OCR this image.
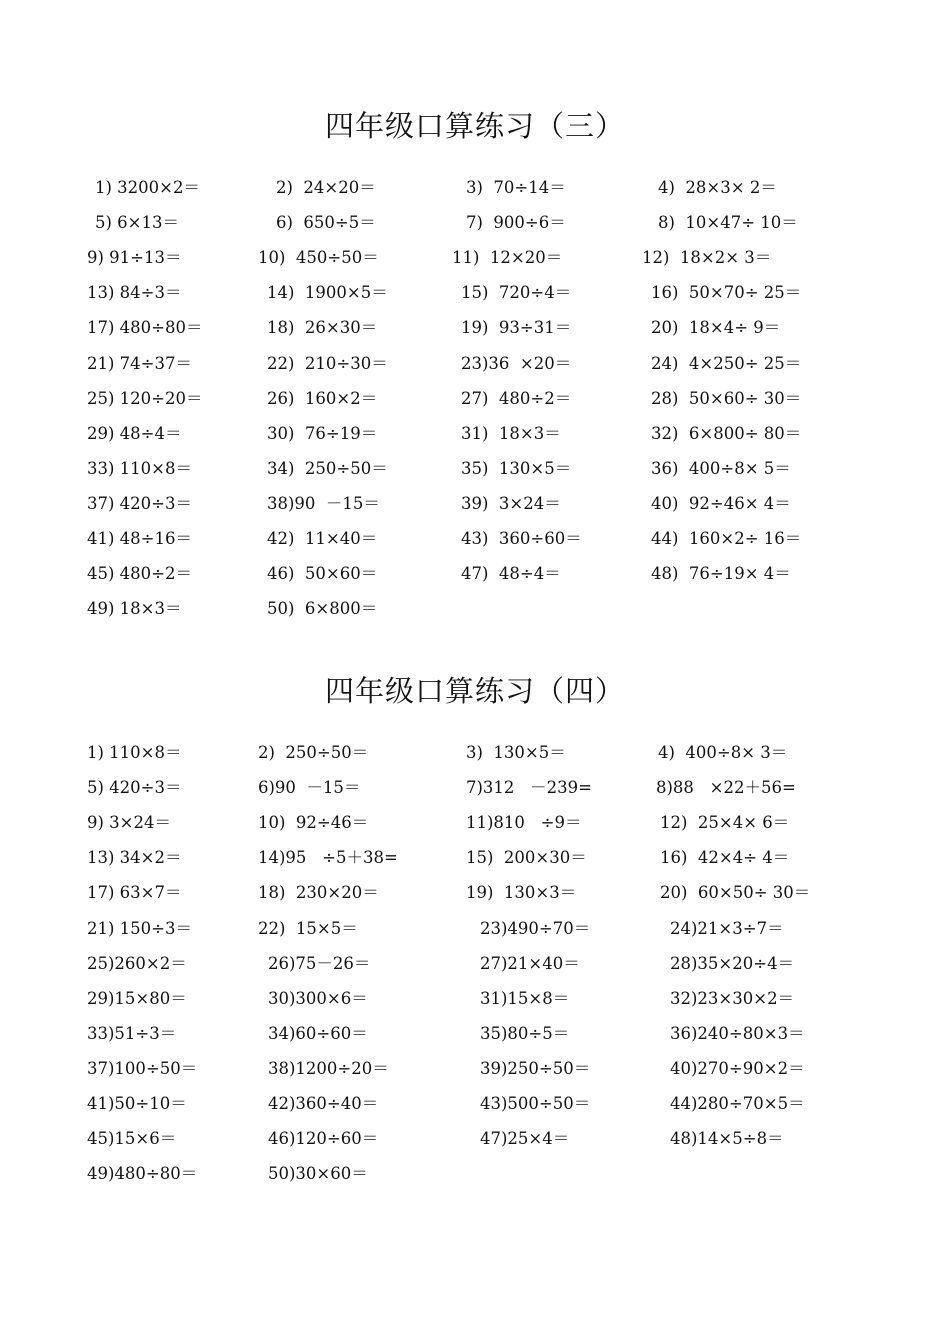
四年级口算练习（三）
1) 3200×2＝	2)  24×20＝	3)  70÷14＝	4)  28×3× 2＝
5) 6×13＝	6)  650÷5＝	7)  900÷6＝	8)  10×47÷ 10＝
9) 91÷13＝	10)  450÷50＝	11)  12×20＝	12)  18×2× 3＝
13) 84÷3＝	14)  1900×5＝	15)  720÷4＝	16)  50×70÷ 25＝
17) 480÷80＝	18)  26×30＝	19)  93÷31＝	20)  18×4÷ 9＝
21) 74÷37＝	22)  210÷30＝	23)36  ×20＝	24)  4×250÷ 25＝
25) 120÷20＝	26)  160×2＝	27)  480÷2＝	28)  50×60÷ 30＝
29) 48÷4＝	30)  76÷19＝	31)  18×3＝	32)  6×800÷ 80＝
33) 110×8＝	34)  250÷50＝	35)  130×5＝	36)  400÷8× 5＝
37) 420÷3＝	38)90  －15＝	39)  3×24＝	40)  92÷46× 4＝
41) 48÷16＝	42)  11×40＝	43)  360÷60＝	44)  160×2÷ 16＝
45) 480÷2＝	46)  50×60＝	47)  48÷4＝	48)  76÷19× 4＝
49) 18×3＝	50)  6×800＝
四年级口算练习（四）
1) 110×8＝	2)  250÷50＝	3)  130×5＝	4)  400÷8× 3＝
5) 420÷3＝	6)90  －15＝	7)312   －239=	8)88   ×22＋56=
9) 3×24＝	10)  92÷46＝	11)810   ÷9＝	12)  25×4× 6＝
13) 34×2＝	14)95   ÷5＋38=	15)  200×30＝	16)  42×4÷ 4＝
17) 63×7＝	18)  230×20＝	19)  130×3＝	20)  60×50÷ 30＝
21) 150÷3＝	22)  15×5＝	23)490÷70＝	24)21×3÷7＝
25)260×2＝	26)75－26＝	27)21×40＝	28)35×20÷4＝
29)15×80＝	30)300×6＝	31)15×8＝	32)23×30×2＝
33)51÷3＝	34)60÷60＝	35)80÷5＝	36)240÷80×3＝
37)100÷50＝	38)1200÷20＝	39)250÷50＝	40)270÷90×2＝
41)50÷10＝	42)360÷40＝	43)500÷50＝	44)280÷70×5＝
45)15×6＝	46)120÷60＝	47)25×4＝	48)14×5÷8＝
49)480÷80＝	50)30×60＝
